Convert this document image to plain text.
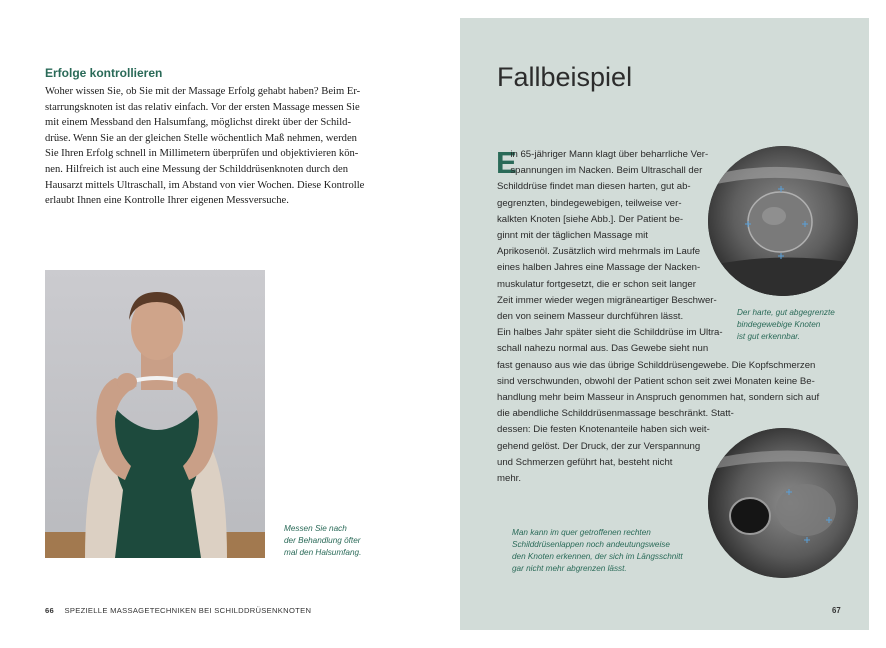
Erfolge kontrollieren
Woher wissen Sie, ob Sie mit der Massage Erfolg gehabt haben? Beim Er-
starrungsknoten ist das relativ einfach. Vor der ersten Massage messen Sie
mit einem Messband den Halsumfang, möglichst direkt über der Schild-
drüse. Wenn Sie an der gleichen Stelle wöchentlich Maß nehmen, werden
Sie Ihren Erfolg schnell in Millimetern überprüfen und objektivieren kön-
nen. Hilfreich ist auch eine Messung der Schilddrüsenknoten durch den
Hausarzt mittels Ultraschall, im Abstand von vier Wochen. Diese Kontrolle
erlaubt Ihnen eine Kontrolle Ihrer eigenen Messversuche.
Messen Sie nach
der Behandlung öfter
mal den Halsumfang.
66 SPEZIELLE MASSAGETECHNIKEN BEI SCHILDDRÜSENKNOTEN
Fallbeispiel
E
in 65-jähriger Mann klagt über beharrliche Ver-
spannungen im Nacken. Beim Ultraschall der
Schilddrüse findet man diesen harten, gut ab-
gegrenzten, bindegewebigen, teilweise ver-
kalkten Knoten [siehe Abb.]. Der Patient be-
ginnt mit der täglichen Massage mit
Aprikosenöl. Zusätzlich wird mehrmals im Laufe
eines halben Jahres eine Massage der Nacken-
muskulatur fortgesetzt, die er schon seit langer
Zeit immer wieder wegen migräneartiger Beschwer-
den von seinem Masseur durchführen lässt.
Ein halbes Jahr später sieht die Schilddrüse im Ultra-
schall nahezu normal aus. Das Gewebe sieht nun
fast genauso aus wie das übrige Schilddrüsengewebe. Die Kopfschmerzen
sind verschwunden, obwohl der Patient schon seit zwei Monaten keine Be-
handlung mehr beim Masseur in Anspruch genommen hat, sondern sich auf
die abendliche Schilddrüsenmassage beschränkt. Statt-
dessen: Die festen Knotenanteile haben sich weit-
gehend gelöst. Der Druck, der zur Verspannung
und Schmerzen geführt hat, besteht nicht
mehr.
Der harte, gut abgegrenzte
bindegewebige Knoten
ist gut erkennbar.
Man kann im quer getroffenen rechten
Schilddrüsenlappen noch andeutungsweise
den Knoten erkennen, der sich im Längsschnitt
gar nicht mehr abgrenzen lässt.
67
